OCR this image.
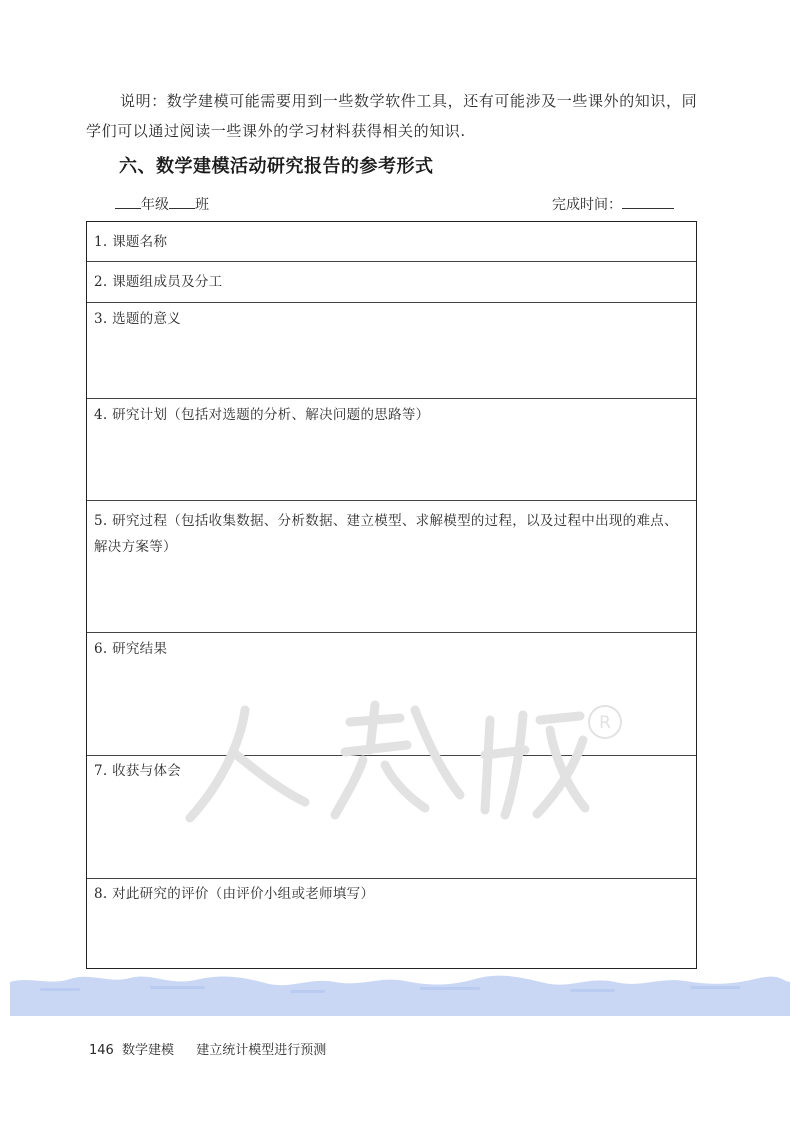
说明：数学建模可能需要用到一些数学软件工具，还有可能涉及一些课外的知识，同学们可以通过阅读一些课外的学习材料获得相关的知识.

六、数学建模活动研究报告的参考形式
年级 班	完成时间：
1. 课题名称
2. 课题组成员及分工
3. 选题的意义
4. 研究计划（包括对选题的分析、解决问题的思路等）
5. 研究过程（包括收集数据、分析数据、建立模型、求解模型的过程，以及过程中出现的难点、解决方案等）
6. 研究结果
7. 收获与体会
8. 对此研究的评价（由评价小组或老师填写）
R
146 数学建模 建立统计模型进行预测
